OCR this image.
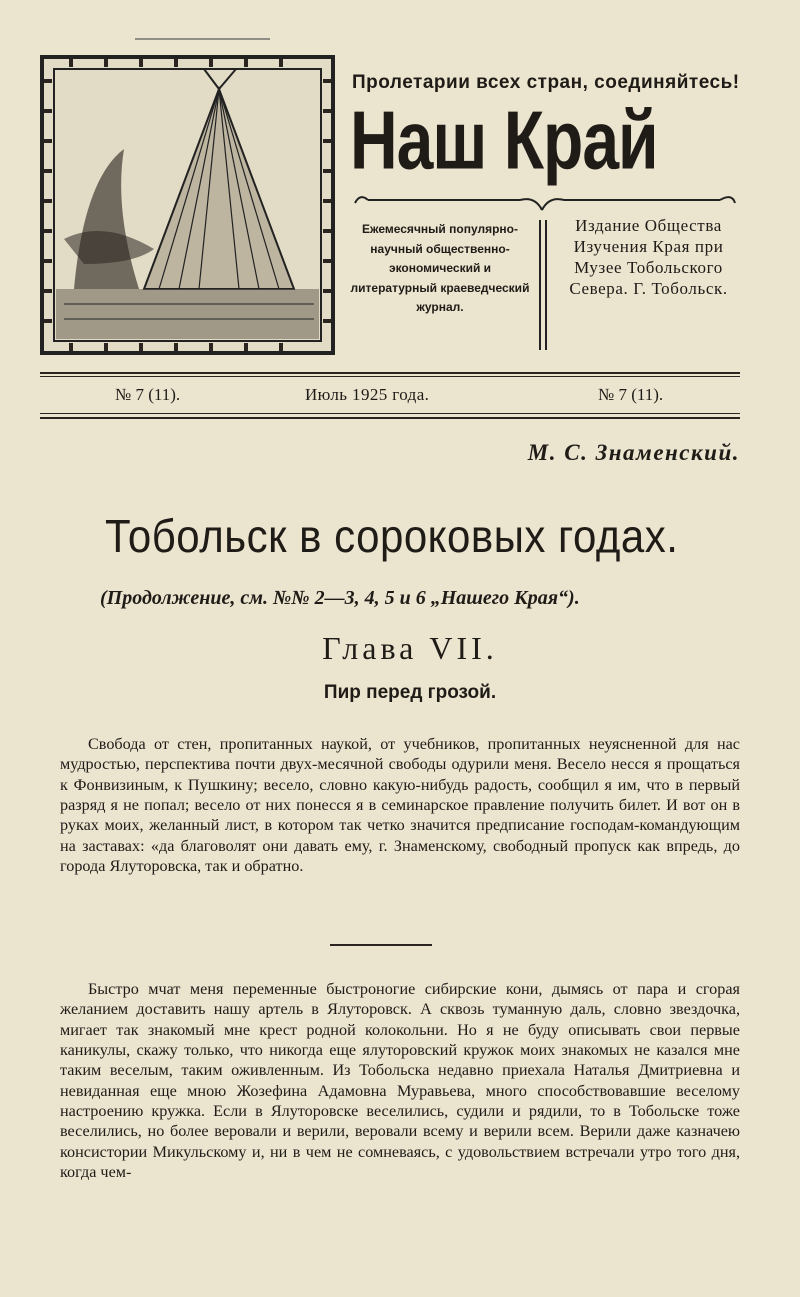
Пролетарии всех стран, соединяйтесь!
Наш Край
Ежемесячный популярно-научный общественно-экономический и литературный краеведческий журнал.
Издание Общества Изучения Края при Музее Тобольского Севера. Г. Тобольск.
№ 7 (11).	Июль 1925 года.	№ 7 (11).
М. С. Знаменский.
Тобольск в сороковых годах.
(Продолжение, см. №№ 2—3, 4, 5 и 6 „Нашего Края“).
Глава VII.
Пир перед грозой.

Свобода от стен, пропитанных наукой, от учебников, пропитанных неуясненной для нас мудростью, перспектива почти двух-месячной свободы одурили меня. Весело несся я прощаться к Фонвизиным, к Пушкину; весело, словно какую-нибудь радость, сообщил я им, что в первый разряд я не попал; весело от них понесся я в семинарское правление получить билет. И вот он в руках моих, желанный лист, в котором так четко значится предписание господам-командующим на заставах: «да благоволят они давать ему, г. Знаменскому, свободный пропуск как впредь, до города Ялуторовска, так и обратно.

Быстро мчат меня переменные быстроногие сибирские кони, дымясь от пара и сгорая желанием доставить нашу артель в Ялуторовск. А сквозь туманную даль, словно звездочка, мигает так знакомый мне крест родной колокольни. Но я не буду описывать свои первые каникулы, скажу только, что никогда еще ялуторовский кружок моих знакомых не казался мне таким веселым, таким оживленным. Из Тобольска недавно приехала Наталья Дмитриевна и невиданная еще мною Жозефина Адамовна Муравьева, много способствовавшие веселому настроению кружка. Если в Ялуторовске веселились, судили и рядили, то в Тобольске тоже веселились, но более веровали и верили, веровали всему и верили всем. Верили даже казначею консистории Микульскому и, ни в чем не сомневаясь, с удовольствием встречали утро того дня, когда чем-
